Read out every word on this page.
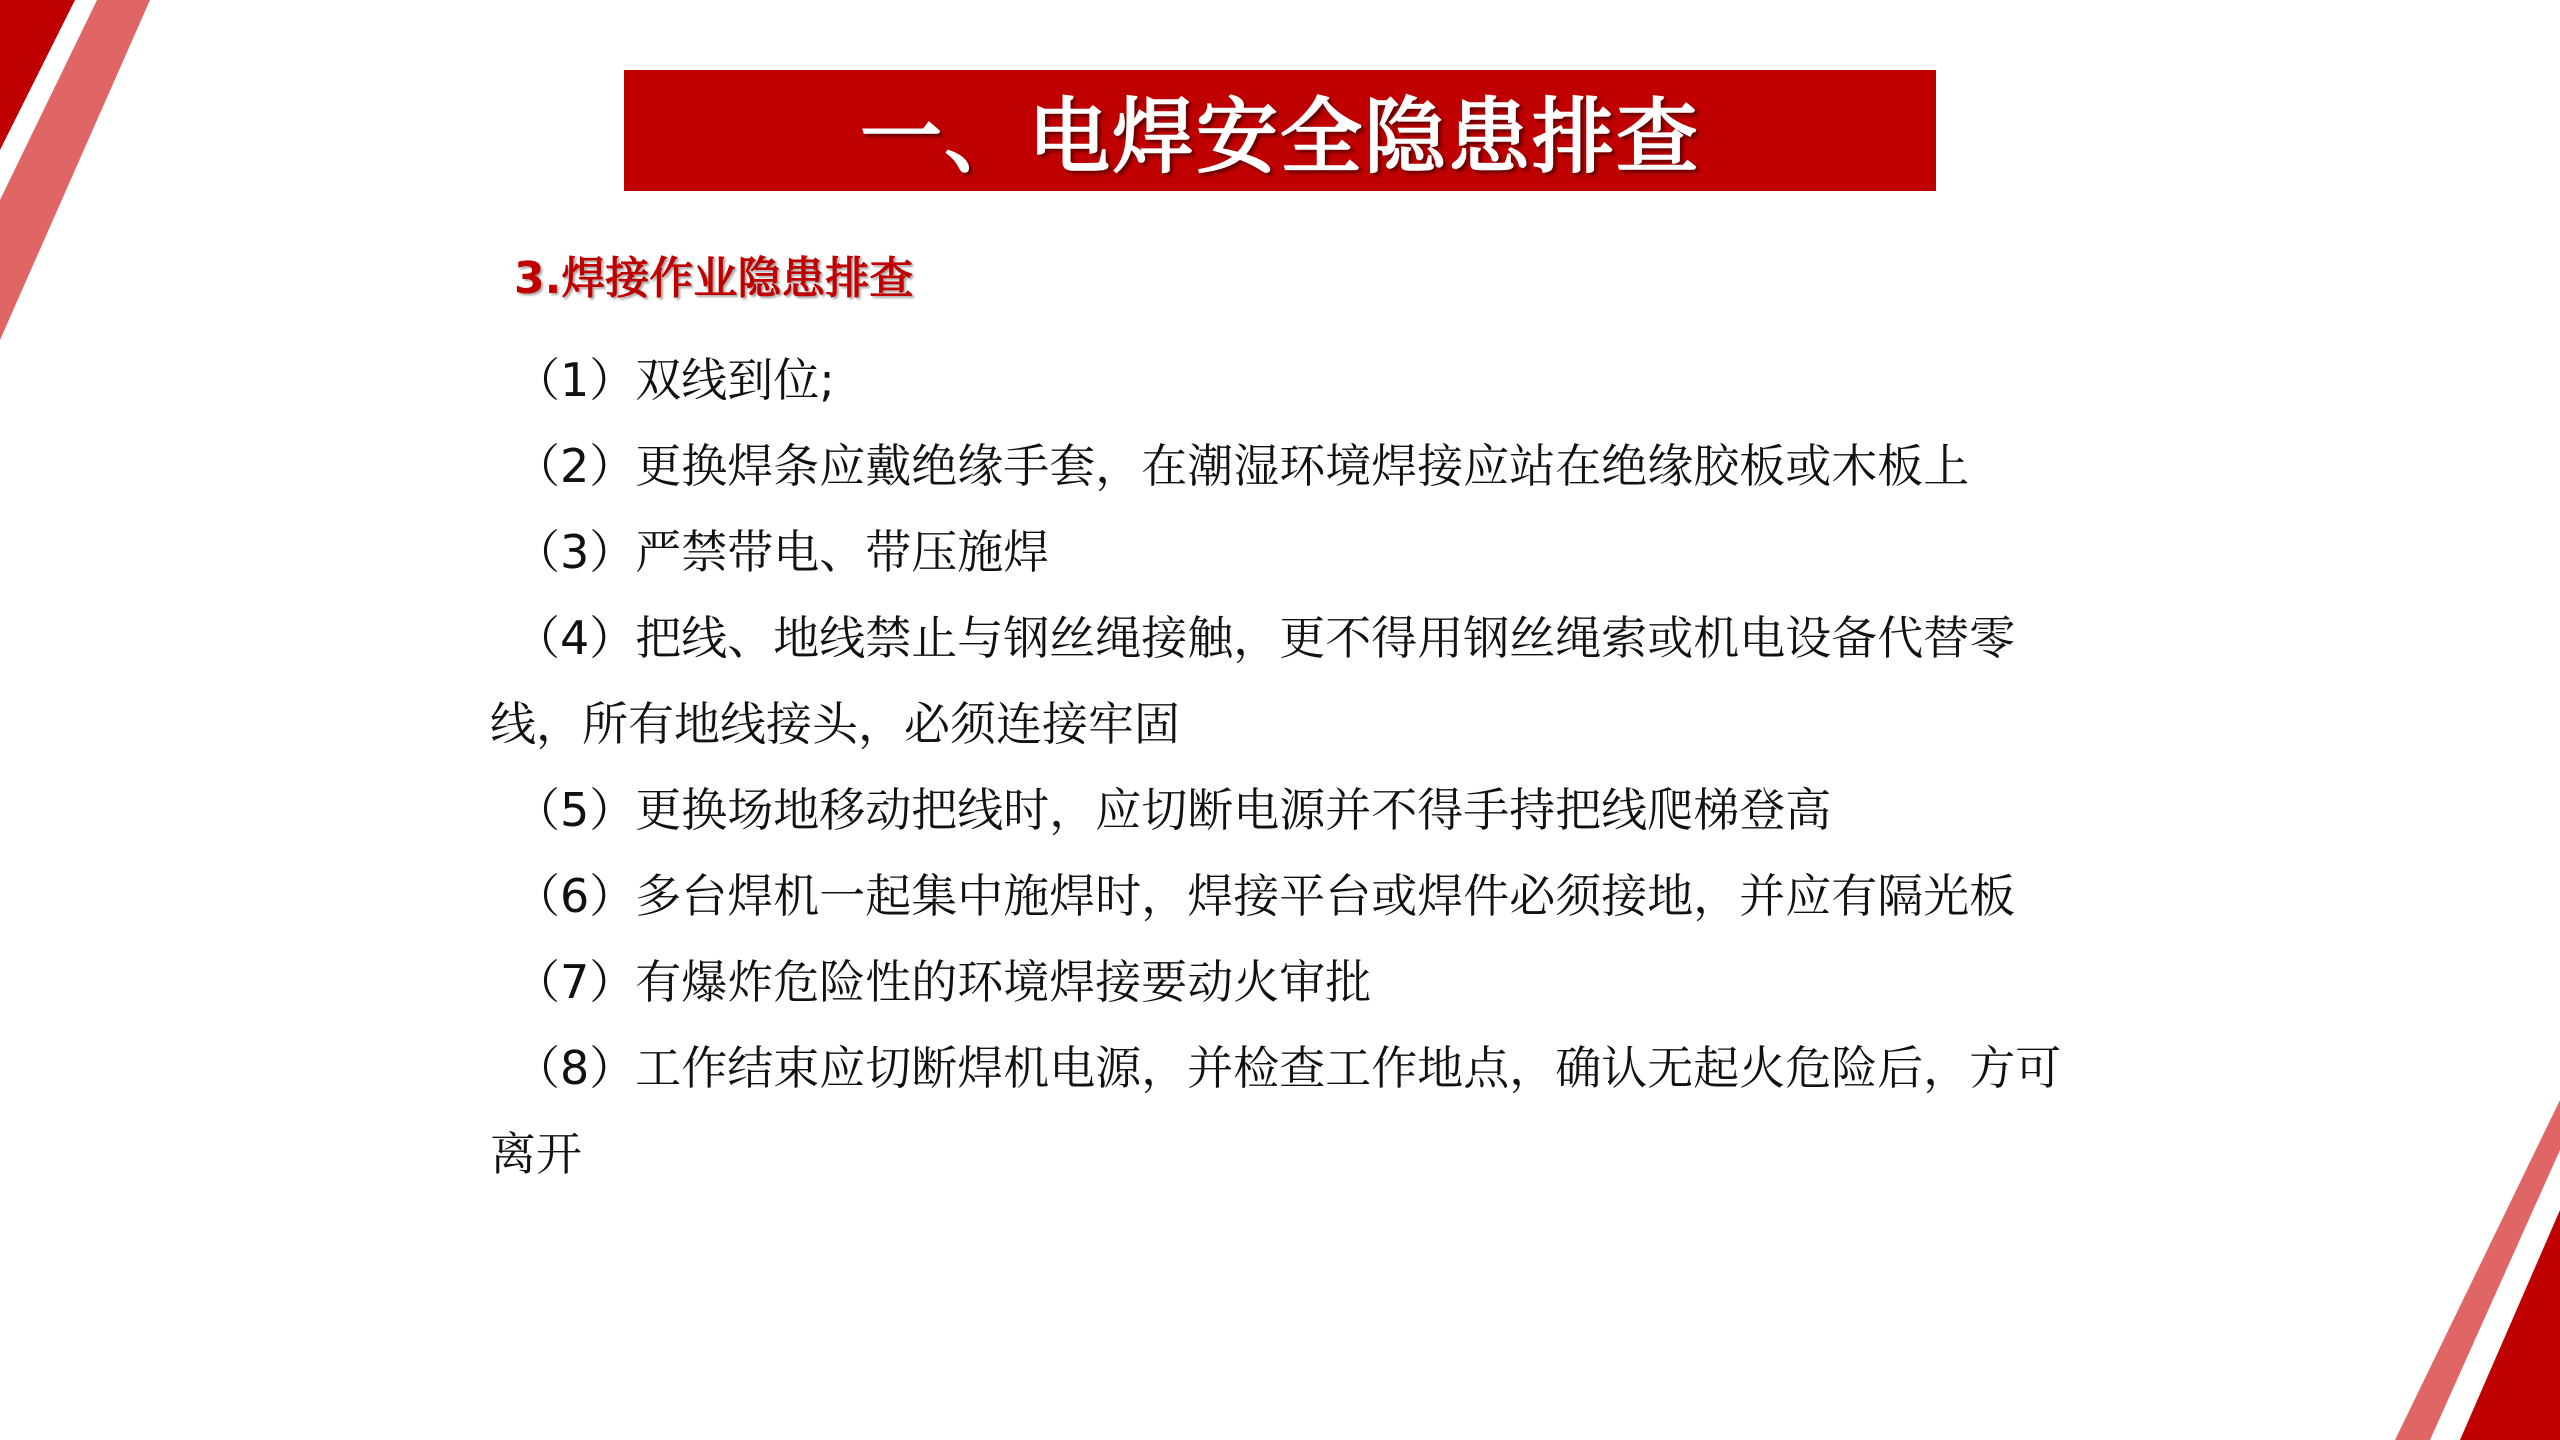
一、电焊安全隐患排查
3.焊接作业隐患排查

（1）双线到位;

（2）更换焊条应戴绝缘手套，在潮湿环境焊接应站在绝缘胶板或木板上

（3）严禁带电、带压施焊

（4）把线、地线禁止与钢丝绳接触，更不得用钢丝绳索或机电设备代替零线，所有地线接头，必须连接牢固

（5）更换场地移动把线时，应切断电源并不得手持把线爬梯登高

（6）多台焊机一起集中施焊时，焊接平台或焊件必须接地，并应有隔光板

（7）有爆炸危险性的环境焊接要动火审批

（8）工作结束应切断焊机电源，并检查工作地点，确认无起火危险后，方可离开
